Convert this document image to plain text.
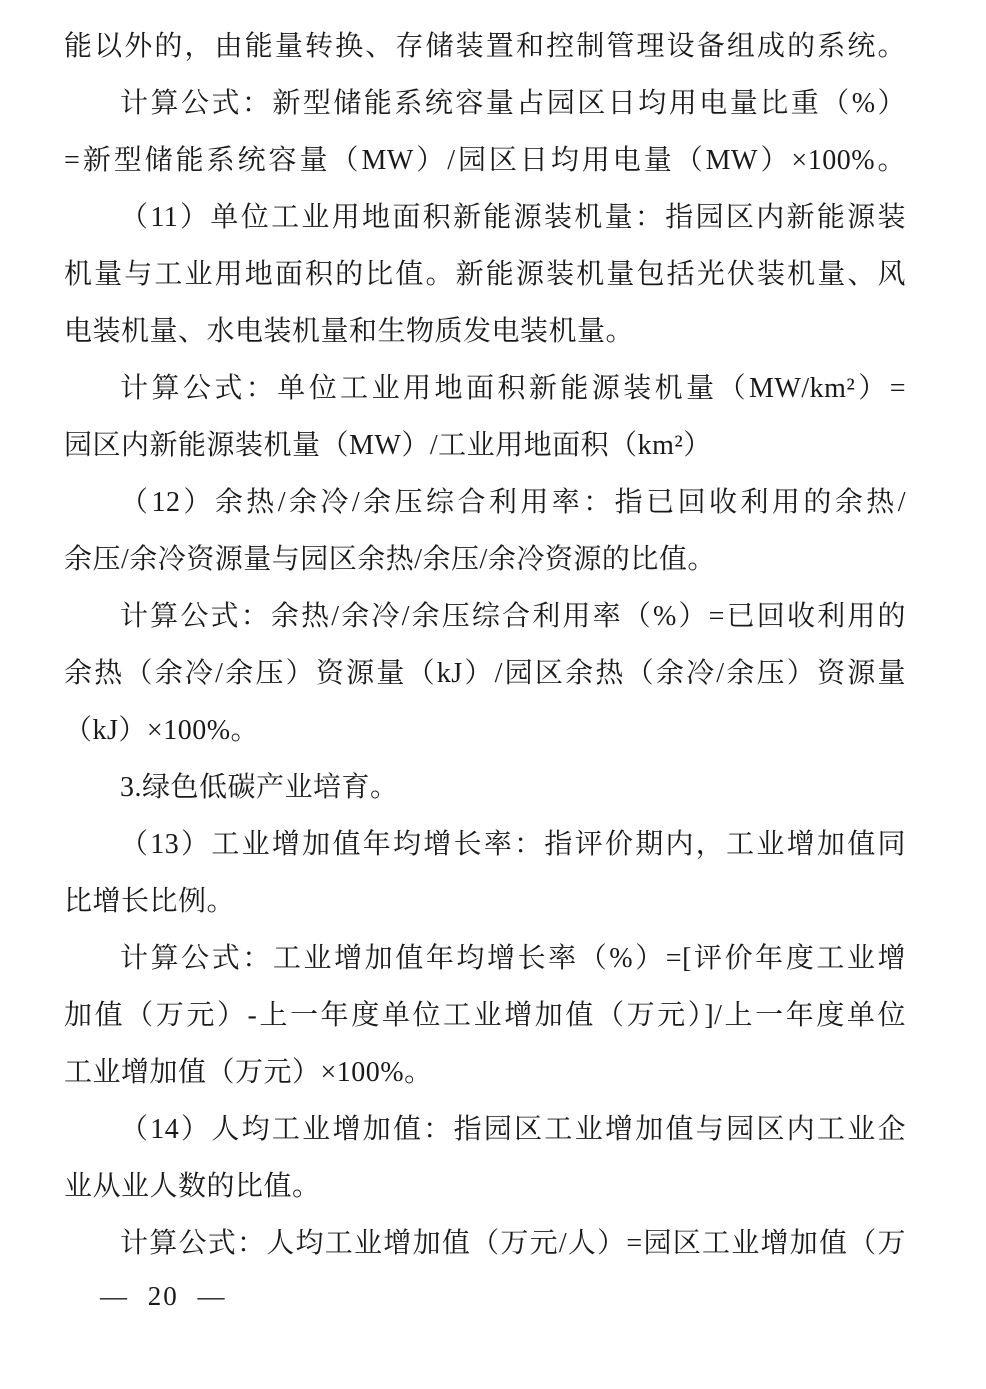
能以外的，由能量转换、存储装置和控制管理设备组成的系统。
计算公式：新型储能系统容量占园区日均用电量比重（%）
=新型储能系统容量（MW）/园区日均用电量（MW）×100%。
（11）单位工业用地面积新能源装机量：指园区内新能源装
机量与工业用地面积的比值。新能源装机量包括光伏装机量、风
电装机量、水电装机量和生物质发电装机量。
计算公式：单位工业用地面积新能源装机量（MW/km²）=
园区内新能源装机量（MW）/工业用地面积（km²）
（12）余热/余冷/余压综合利用率：指已回收利用的余热/
余压/余冷资源量与园区余热/余压/余冷资源的比值。
计算公式：余热/余冷/余压综合利用率（%）=已回收利用的
余热（余冷/余压）资源量（kJ）/园区余热（余冷/余压）资源量
（kJ）×100%。
3.绿色低碳产业培育。
（13）工业增加值年均增长率：指评价期内，工业增加值同
比增长比例。
计算公式：工业增加值年均增长率（%）=[评价年度工业增
加值（万元）-上一年度单位工业增加值（万元）]/上一年度单位
工业增加值（万元）×100%。
（14）人均工业增加值：指园区工业增加值与园区内工业企
业从业人数的比值。
计算公式：人均工业增加值（万元/人）=园区工业增加值（万
— 20 —
